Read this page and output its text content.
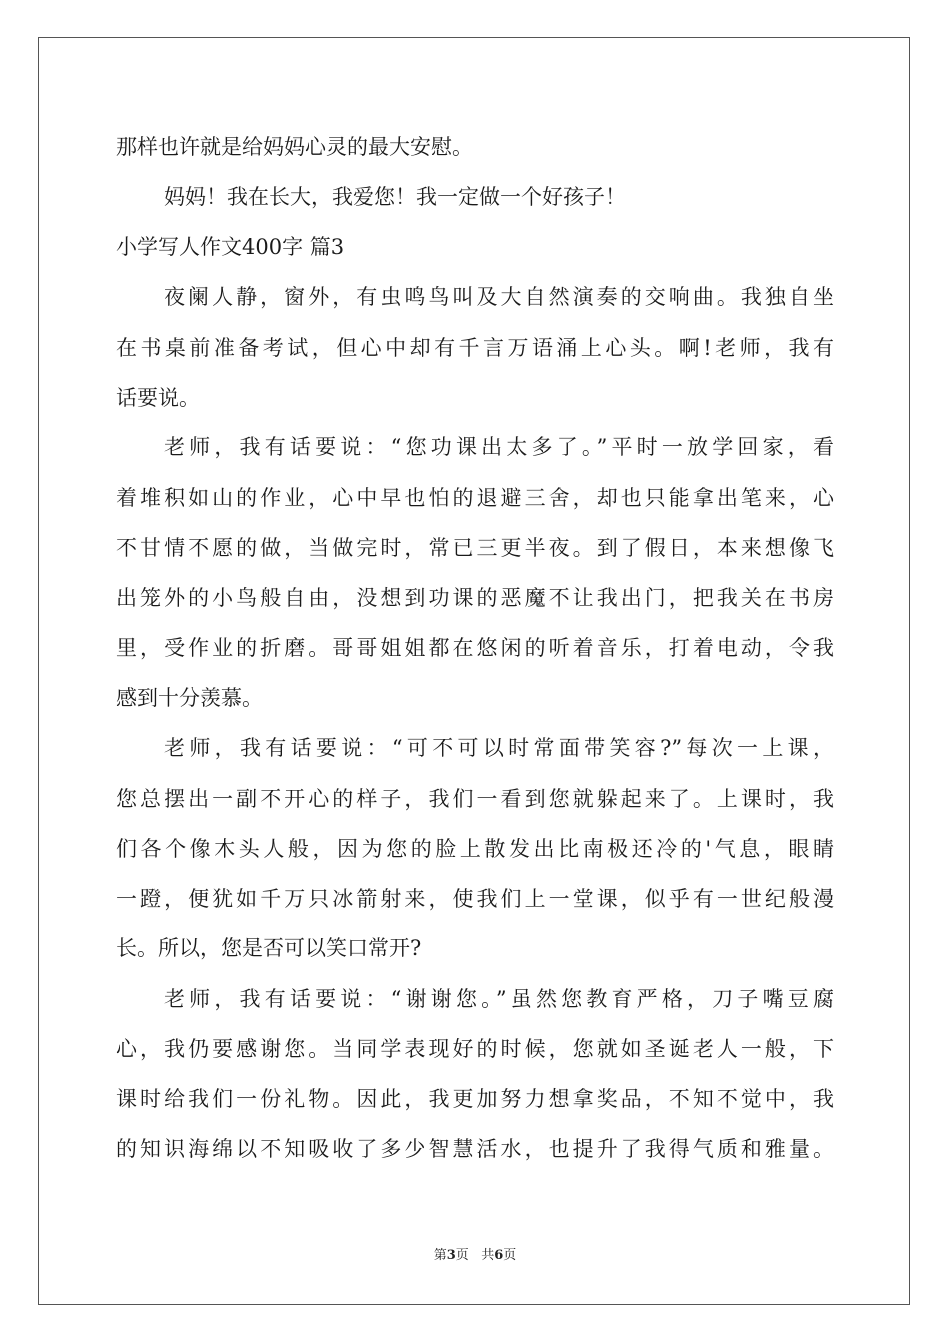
那样也许就是给妈妈心灵的最大安慰。
妈妈！我在长大，我爱您！我一定做一个好孩子！
小学写人作文400字 篇3
夜阑人静，窗外，有虫鸣鸟叫及大自然演奏的交响曲。我独自坐
在书桌前准备考试，但心中却有千言万语涌上心头。啊!老师，我有
话要说。
老师，我有话要说：“您功课出太多了。”平时一放学回家，看
着堆积如山的作业，心中早也怕的退避三舍，却也只能拿出笔来，心
不甘情不愿的做，当做完时，常已三更半夜。到了假日，本来想像飞
出笼外的小鸟般自由，没想到功课的恶魔不让我出门，把我关在书房
里，受作业的折磨。哥哥姐姐都在悠闲的听着音乐，打着电动，令我
感到十分羡慕。
老师，我有话要说：“可不可以时常面带笑容?”每次一上课，
您总摆出一副不开心的样子，我们一看到您就躲起来了。上课时，我
们各个像木头人般，因为您的脸上散发出比南极还冷的'气息，眼睛
一蹬，便犹如千万只冰箭射来，使我们上一堂课，似乎有一世纪般漫
长。所以，您是否可以笑口常开?
老师，我有话要说：“谢谢您。”虽然您教育严格，刀子嘴豆腐
心，我仍要感谢您。当同学表现好的时候，您就如圣诞老人一般，下
课时给我们一份礼物。因此，我更加努力想拿奖品，不知不觉中，我
的知识海绵以不知吸收了多少智慧活水，也提升了我得气质和雅量。
第3页 共6页
